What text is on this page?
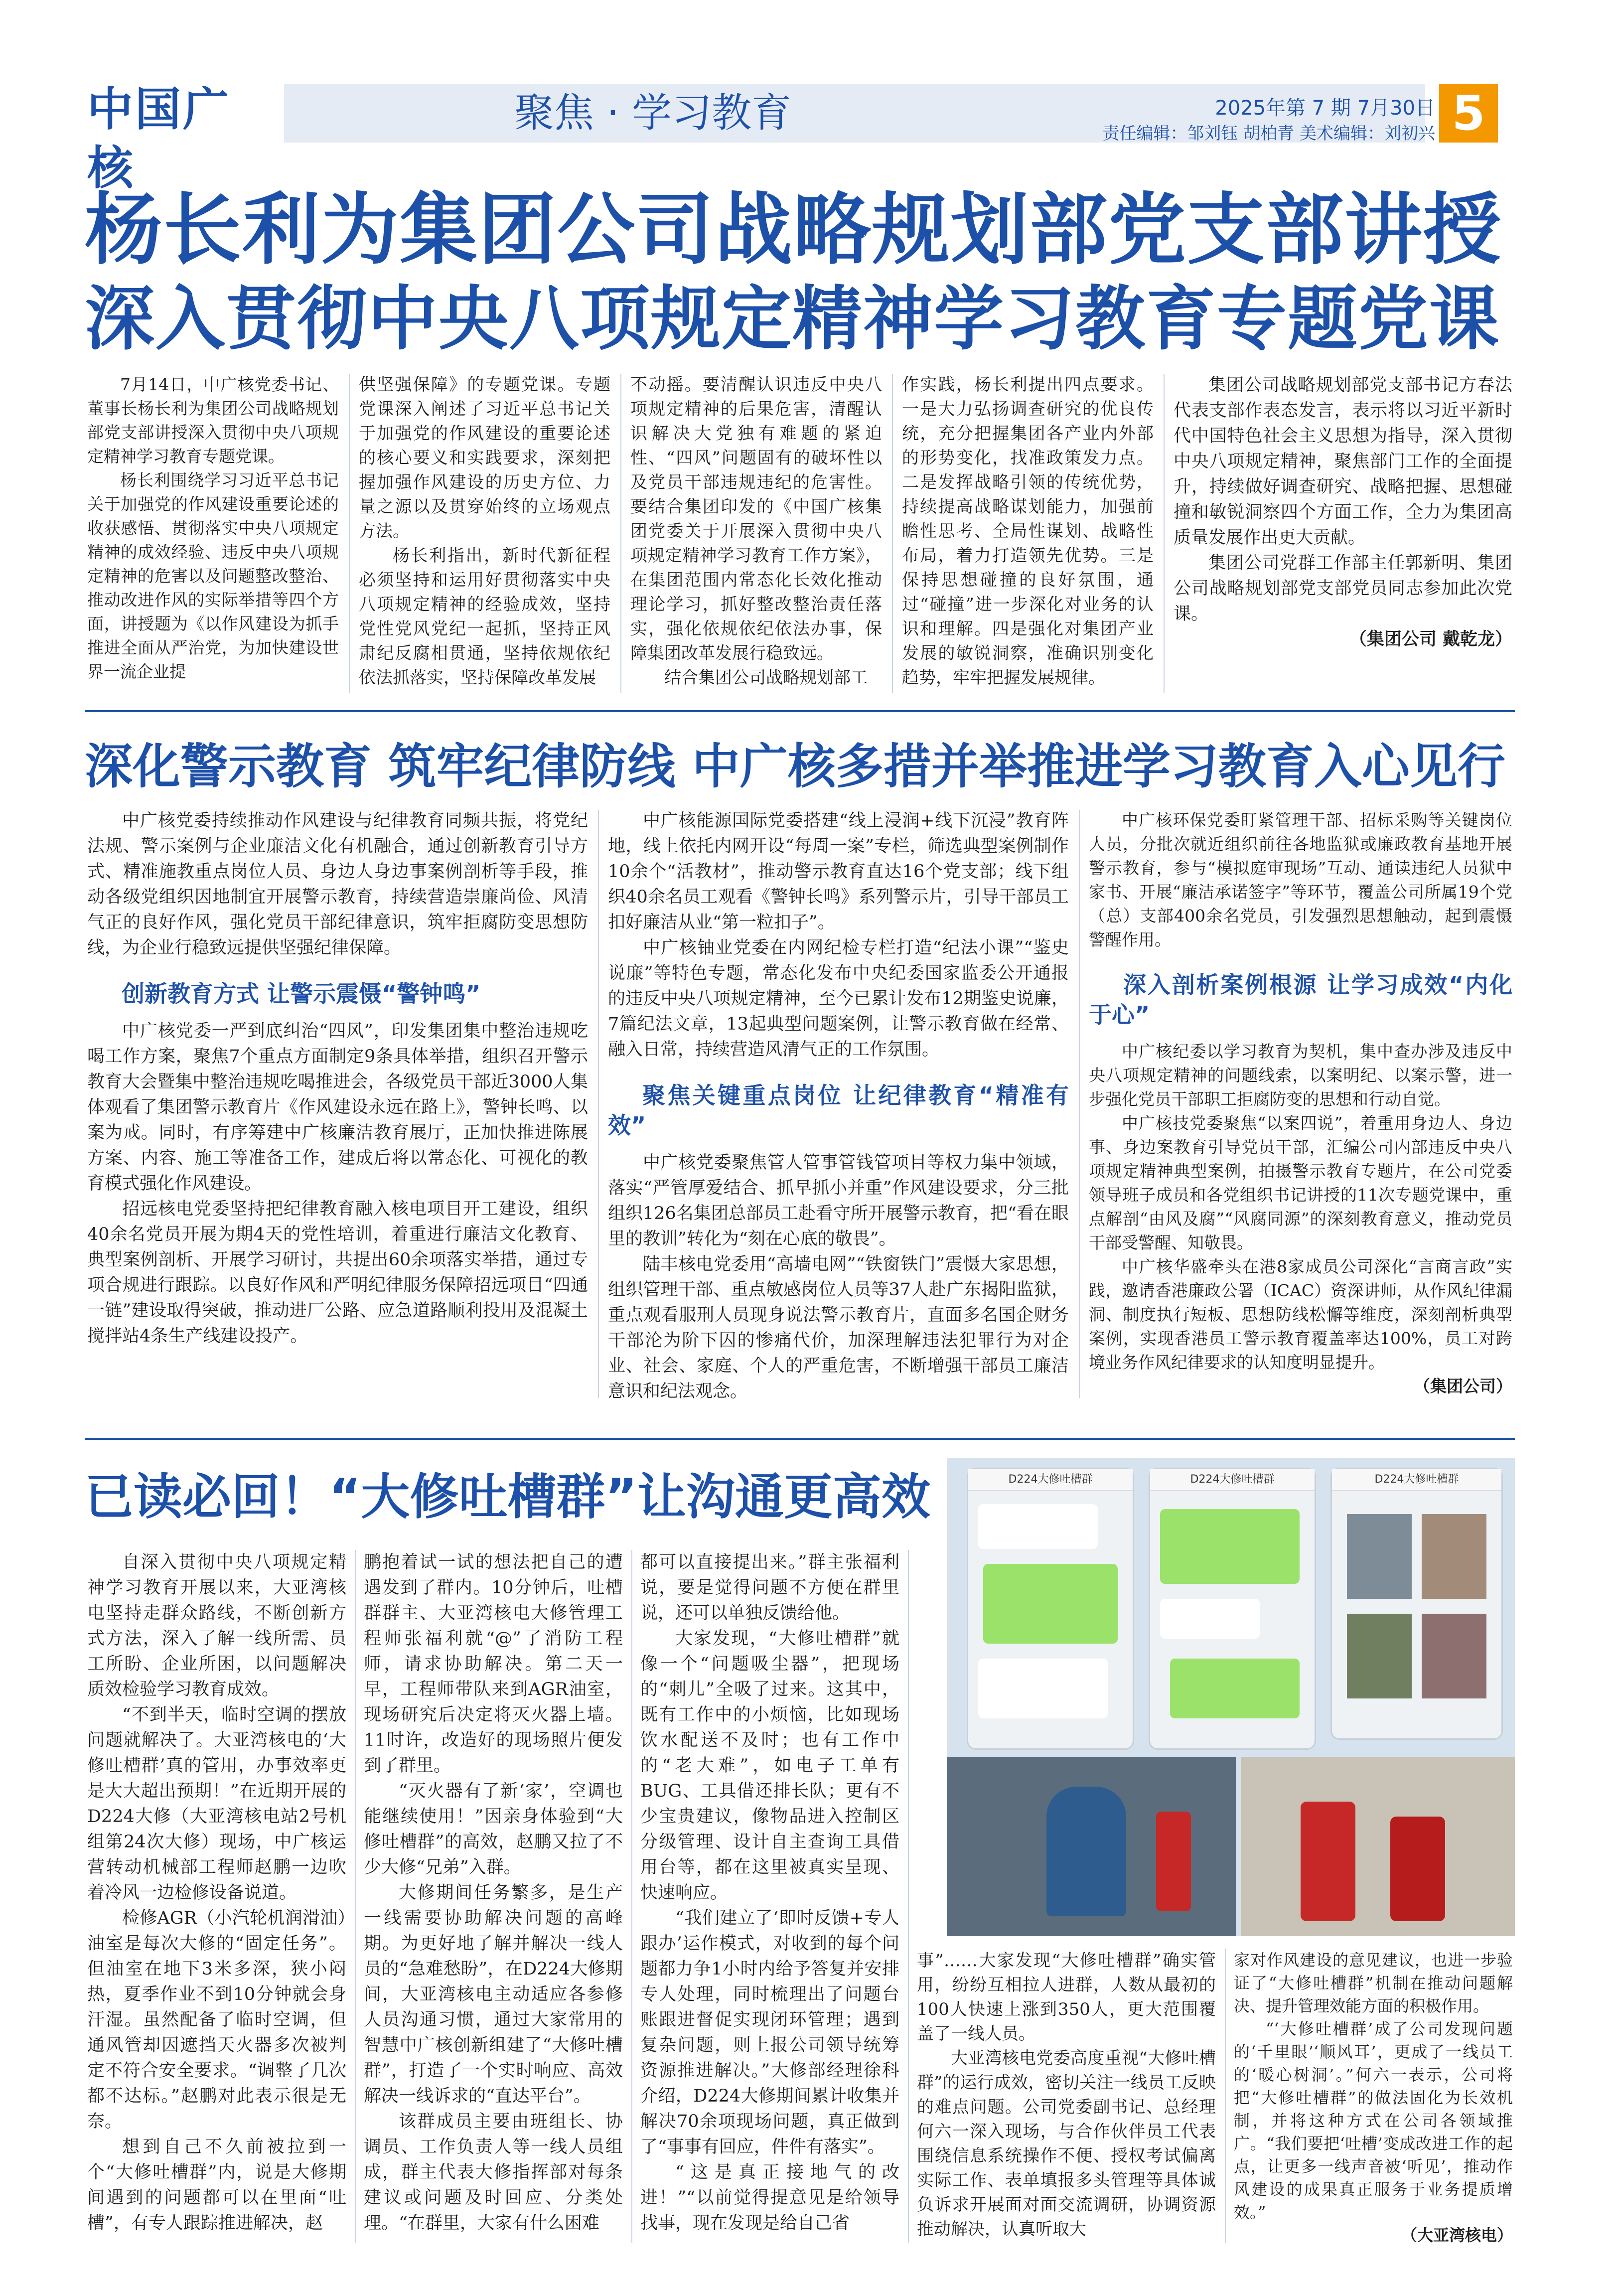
中国广核
聚焦 · 学习教育	2025年第 7 期 7月30日
责任编辑：邹刘钰 胡柏青 美术编辑：刘初兴 5
杨长利为集团公司战略规划部党支部讲授
深入贯彻中央八项规定精神学习教育专题党课

7月14日，中广核党委书记、董事长杨长利为集团公司战略规划部党支部讲授深入贯彻中央八项规定精神学习教育专题党课。

杨长利围绕学习习近平总书记关于加强党的作风建设重要论述的收获感悟、贯彻落实中央八项规定精神的成效经验、违反中央八项规定精神的危害以及问题整改整治、推动改进作风的实际举措等四个方面，讲授题为《以作风建设为抓手推进全面从严治党，为加快建设世界一流企业提

供坚强保障》的专题党课。专题党课深入阐述了习近平总书记关于加强党的作风建设的重要论述的核心要义和实践要求，深刻把握加强作风建设的历史方位、力量之源以及贯穿始终的立场观点方法。

杨长利指出，新时代新征程必须坚持和运用好贯彻落实中央八项规定精神的经验成效，坚持党性党风党纪一起抓，坚持正风肃纪反腐相贯通，坚持依规依纪依法抓落实，坚持保障改革发展

不动摇。要清醒认识违反中央八项规定精神的后果危害，清醒认识解决大党独有难题的紧迫性、“四风”问题固有的破坏性以及党员干部违规违纪的危害性。要结合集团印发的《中国广核集团党委关于开展深入贯彻中央八项规定精神学习教育工作方案》，在集团范围内常态化长效化推动理论学习，抓好整改整治责任落实，强化依规依纪依法办事，保障集团改革发展行稳致远。

结合集团公司战略规划部工

作实践，杨长利提出四点要求。一是大力弘扬调查研究的优良传统，充分把握集团各产业内外部的形势变化，找准政策发力点。二是发挥战略引领的传统优势，持续提高战略谋划能力，加强前瞻性思考、全局性谋划、战略性布局，着力打造领先优势。三是保持思想碰撞的良好氛围，通过“碰撞”进一步深化对业务的认识和理解。四是强化对集团产业发展的敏锐洞察，准确识别变化趋势，牢牢把握发展规律。

集团公司战略规划部党支部书记方春法代表支部作表态发言，表示将以习近平新时代中国特色社会主义思想为指导，深入贯彻中央八项规定精神，聚焦部门工作的全面提升，持续做好调查研究、战略把握、思想碰撞和敏锐洞察四个方面工作，全力为集团高质量发展作出更大贡献。

集团公司党群工作部主任郭新明、集团公司战略规划部党支部党员同志参加此次党课。

（集团公司 戴乾龙）

深化警示教育 筑牢纪律防线 中广核多措并举推进学习教育入心见行

中广核党委持续推动作风建设与纪律教育同频共振，将党纪法规、警示案例与企业廉洁文化有机融合，通过创新教育引导方式、精准施教重点岗位人员、身边人身边事案例剖析等手段，推动各级党组织因地制宜开展警示教育，持续营造崇廉尚俭、风清气正的良好作风，强化党员干部纪律意识，筑牢拒腐防变思想防线，为企业行稳致远提供坚强纪律保障。

创新教育方式 让警示震慑“警钟鸣”

中广核党委一严到底纠治“四风”，印发集团集中整治违规吃喝工作方案，聚焦7个重点方面制定9条具体举措，组织召开警示教育大会暨集中整治违规吃喝推进会，各级党员干部近3000人集体观看了集团警示教育片《作风建设永远在路上》，警钟长鸣、以案为戒。同时，有序筹建中广核廉洁教育展厅，正加快推进陈展方案、内容、施工等准备工作，建成后将以常态化、可视化的教育模式强化作风建设。

招远核电党委坚持把纪律教育融入核电项目开工建设，组织40余名党员开展为期4天的党性培训，着重进行廉洁文化教育、典型案例剖析、开展学习研讨，共提出60余项落实举措，通过专项合规进行跟踪。以良好作风和严明纪律服务保障招远项目“四通一链”建设取得突破，推动进厂公路、应急道路顺利投用及混凝土搅拌站4条生产线建设投产。

中广核能源国际党委搭建“线上浸润+线下沉浸”教育阵地，线上依托内网开设“每周一案”专栏，筛选典型案例制作10余个“活教材”，推动警示教育直达16个党支部；线下组织40余名员工观看《警钟长鸣》系列警示片，引导干部员工扣好廉洁从业“第一粒扣子”。

中广核铀业党委在内网纪检专栏打造“纪法小课”“鉴史说廉”等特色专题，常态化发布中央纪委国家监委公开通报的违反中央八项规定精神，至今已累计发布12期鉴史说廉，7篇纪法文章，13起典型问题案例，让警示教育做在经常、融入日常，持续营造风清气正的工作氛围。

聚焦关键重点岗位 让纪律教育“精准有效”

中广核党委聚焦管人管事管钱管项目等权力集中领域，落实“严管厚爱结合、抓早抓小并重”作风建设要求，分三批组织126名集团总部员工赴看守所开展警示教育，把“看在眼里的教训”转化为“刻在心底的敬畏”。

陆丰核电党委用“高墙电网”“铁窗铁门”震慑大家思想，组织管理干部、重点敏感岗位人员等37人赴广东揭阳监狱，重点观看服刑人员现身说法警示教育片，直面多名国企财务干部沦为阶下囚的惨痛代价，加深理解违法犯罪行为对企业、社会、家庭、个人的严重危害，不断增强干部员工廉洁意识和纪法观念。

中广核环保党委盯紧管理干部、招标采购等关键岗位人员，分批次就近组织前往各地监狱或廉政教育基地开展警示教育，参与“模拟庭审现场”互动、通读违纪人员狱中家书、开展“廉洁承诺签字”等环节，覆盖公司所属19个党（总）支部400余名党员，引发强烈思想触动，起到震慑警醒作用。

深入剖析案例根源 让学习成效“内化于心”

中广核纪委以学习教育为契机，集中查办涉及违反中央八项规定精神的问题线索，以案明纪、以案示警，进一步强化党员干部职工拒腐防变的思想和行动自觉。

中广核技党委聚焦“以案四说”，着重用身边人、身边事、身边案教育引导党员干部，汇编公司内部违反中央八项规定精神典型案例，拍摄警示教育专题片，在公司党委领导班子成员和各党组织书记讲授的11次专题党课中，重点解剖“由风及腐”“风腐同源”的深刻教育意义，推动党员干部受警醒、知敬畏。

中广核华盛牵头在港8家成员公司深化“言商言政”实践，邀请香港廉政公署（ICAC）资深讲师，从作风纪律漏洞、制度执行短板、思想防线松懈等维度，深刻剖析典型案例，实现香港员工警示教育覆盖率达100%，员工对跨境业务作风纪律要求的认知度明显提升。

（集团公司）

已读必回！“大修吐槽群”让沟通更高效

自深入贯彻中央八项规定精神学习教育开展以来，大亚湾核电坚持走群众路线，不断创新方式方法，深入了解一线所需、员工所盼、企业所困，以问题解决质效检验学习教育成效。

“不到半天，临时空调的摆放问题就解决了。大亚湾核电的‘大修吐槽群’真的管用，办事效率更是大大超出预期！”在近期开展的D224大修（大亚湾核电站2号机组第24次大修）现场，中广核运营转动机械部工程师赵鹏一边吹着冷风一边检修设备说道。

检修AGR（小汽轮机润滑油）油室是每次大修的“固定任务”。但油室在地下3米多深，狭小闷热，夏季作业不到10分钟就会身汗湿。虽然配备了临时空调，但通风管却因遮挡天火器多次被判定不符合安全要求。“调整了几次都不达标。”赵鹏对此表示很是无奈。

想到自己不久前被拉到一个“大修吐槽群”内，说是大修期间遇到的问题都可以在里面“吐槽”，有专人跟踪推进解决，赵

鹏抱着试一试的想法把自己的遭遇发到了群内。10分钟后，吐槽群群主、大亚湾核电大修管理工程师张福利就“@”了消防工程师，请求协助解决。第二天一早，工程师带队来到AGR油室，现场研究后决定将灭火器上墙。11时许，改造好的现场照片便发到了群里。

“灭火器有了新‘家’，空调也能继续使用！”因亲身体验到“大修吐槽群”的高效，赵鹏又拉了不少大修“兄弟”入群。

大修期间任务繁多，是生产一线需要协助解决问题的高峰期。为更好地了解并解决一线人员的“急难愁盼”，在D224大修期间，大亚湾核电主动适应各参修人员沟通习惯，通过大家常用的智慧中广核创新组建了“大修吐槽群”，打造了一个实时响应、高效解决一线诉求的“直达平台”。

该群成员主要由班组长、协调员、工作负责人等一线人员组成，群主代表大修指挥部对每条建议或问题及时回应、分类处理。“在群里，大家有什么困难

都可以直接提出来。”群主张福利说，要是觉得问题不方便在群里说，还可以单独反馈给他。

大家发现，“大修吐槽群”就像一个“问题吸尘器”，把现场的“刺儿”全吸了过来。这其中，既有工作中的小烦恼，比如现场饮水配送不及时；也有工作中的“老大难”，如电子工单有BUG、工具借还排长队；更有不少宝贵建议，像物品进入控制区分级管理、设计自主查询工具借用台等，都在这里被真实呈现、快速响应。

“我们建立了‘即时反馈+专人跟办’运作模式，对收到的每个问题都力争1小时内给予答复并安排专人处理，同时梳理出了问题台账跟进督促实现闭环管理；遇到复杂问题，则上报公司领导统筹资源推进解决。”大修部经理徐科介绍，D224大修期间累计收集并解决70余项现场问题，真正做到了“事事有回应，件件有落实”。

“这是真正接地气的改进！”“以前觉得提意见是给领导找事，现在发现是给自己省

D224大修吐槽群	D224大修吐槽群	D224大修吐槽群

事”……大家发现“大修吐槽群”确实管用，纷纷互相拉人进群，人数从最初的100人快速上涨到350人，更大范围覆盖了一线人员。

大亚湾核电党委高度重视“大修吐槽群”的运行成效，密切关注一线员工反映的难点问题。公司党委副书记、总经理何六一深入现场，与合作伙伴员工代表围绕信息系统操作不便、授权考试偏离实际工作、表单填报多头管理等具体诚负诉求开展面对面交流调研，协调资源推动解决，认真听取大

家对作风建设的意见建议，也进一步验证了“大修吐槽群”机制在推动问题解决、提升管理效能方面的积极作用。

“‘大修吐槽群’成了公司发现问题的‘千里眼’‘顺风耳’，更成了一线员工的‘暖心树洞’。”何六一表示，公司将把“大修吐槽群”的做法固化为长效机制，并将这种方式在公司各领域推广。“我们要把‘吐槽’变成改进工作的起点，让更多一线声音被‘听见’，推动作风建设的成果真正服务于业务提质增效。”

（大亚湾核电）
